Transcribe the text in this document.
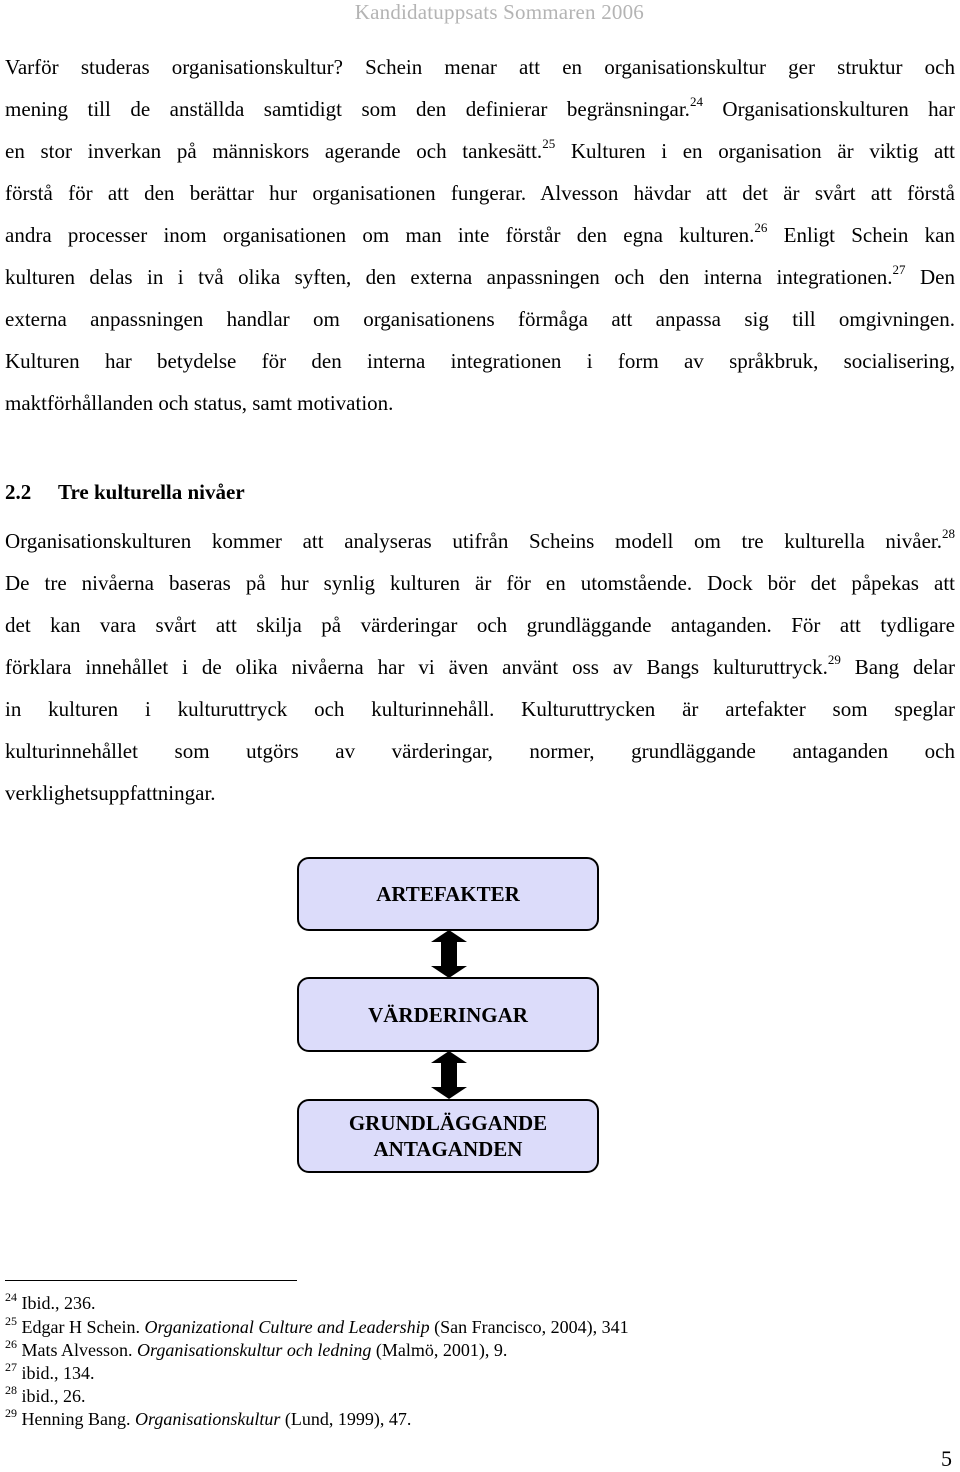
Kandidatuppsats Sommaren 2006
Varför studeras organisationskultur? Schein menar att en organisationskultur ger struktur och
mening till de anställda samtidigt som den definierar begränsningar.$^{24}$ Organisationskulturen har
en stor inverkan på människors agerande och tankesätt.$^{25}$ Kulturen i en organisation är viktig att
förstå för att den berättar hur organisationen fungerar. Alvesson hävdar att det är svårt att förstå
andra processer inom organisationen om man inte förstår den egna kulturen.$^{26}$ Enligt Schein kan
kulturen delas in i två olika syften, den externa anpassningen och den interna integrationen.$^{27}$ Den
externa anpassningen handlar om organisationens förmåga att anpassa sig till omgivningen.
Kulturen har betydelse för den interna integrationen i form av språkbruk, socialisering,
maktförhållanden och status, samt motivation.
2.2 Tre kulturella nivåer
Organisationskulturen kommer att analyseras utifrån Scheins modell om tre kulturella nivåer.$^{28}$
De tre nivåerna baseras på hur synlig kulturen är för en utomstående. Dock bör det påpekas att
det kan vara svårt att skilja på värderingar och grundläggande antaganden. För att tydligare
förklara innehållet i de olika nivåerna har vi även använt oss av Bangs kulturuttryck.$^{29}$ Bang delar
in kulturen i kulturuttryck och kulturinnehåll. Kulturuttrycken är artefakter som speglar
kulturinnehållet som utgörs av värderingar, normer, grundläggande antaganden och
verklighetsuppfattningar.
ARTEFAKTER
VÄRDERINGAR
GRUNDLÄGGANDE
ANTAGANDEN
$^{24}$ Ibid., 236.
$^{25}$ Edgar H Schein. Organizational Culture and Leadership (San Francisco, 2004), 341
$^{26}$ Mats Alvesson. Organisationskultur och ledning (Malmö, 2001), 9.
$^{27}$ ibid., 134.
$^{28}$ ibid., 26.
$^{29}$ Henning Bang. Organisationskultur (Lund, 1999), 47.
5
